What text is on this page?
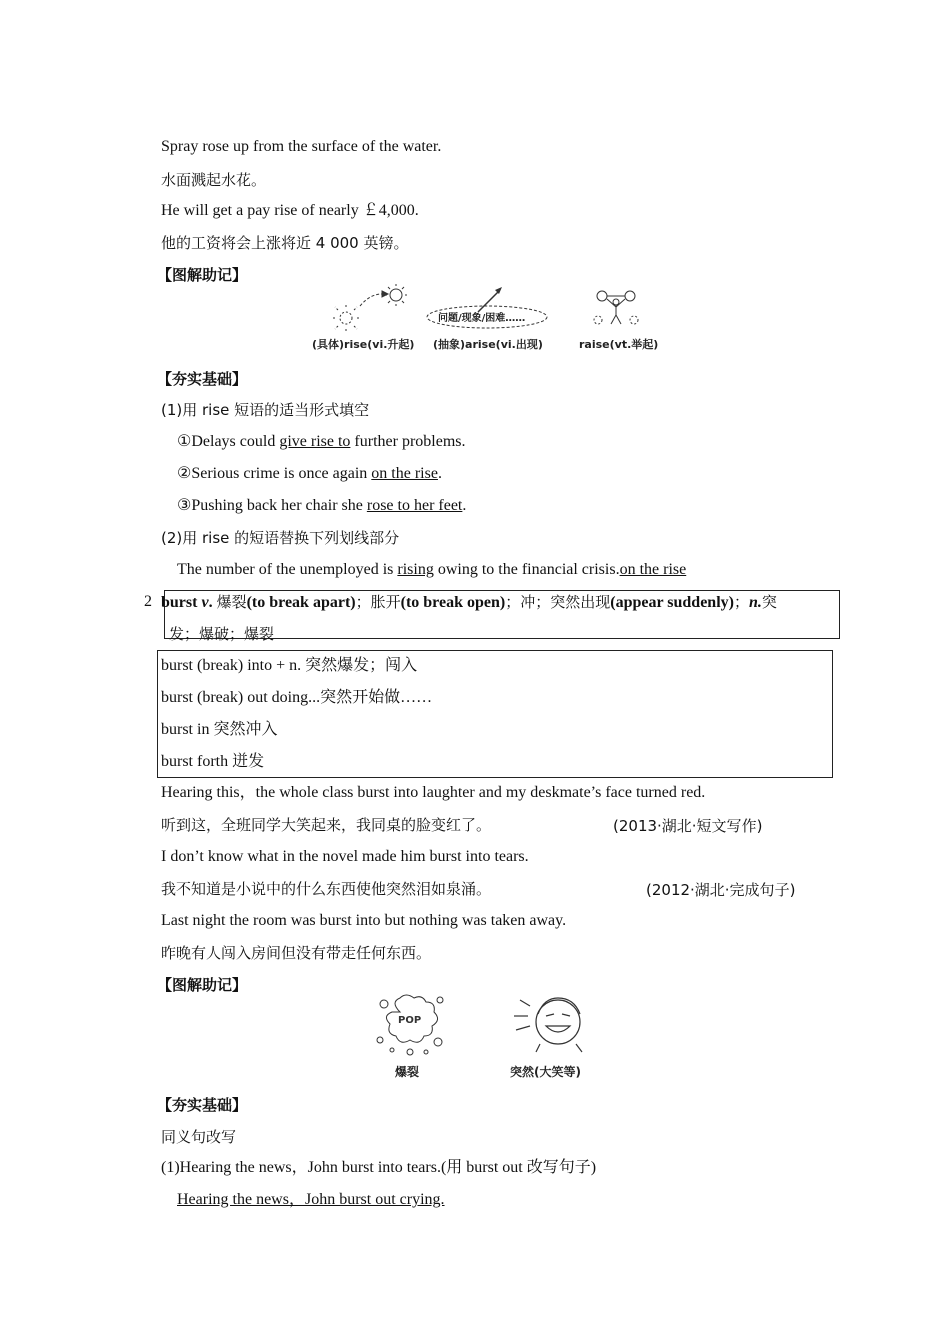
Spray rose up from the surface of the water.
水面溅起水花。
He will get a pay rise of nearly ￡4,000.
他的工资将会上涨将近 4 000 英镑。
【图解助记】
(具体)rise(vi.升起)
问题/现象/困难……
(抽象)arise(vi.出现)	raise(vt.举起)
【夯实基础】
(1)用 rise 短语的适当形式填空
①Delays could give rise to further problems.
②Serious crime is once again on the rise.
③Pushing back her chair she rose to her feet.
(2)用 rise 的短语替换下列划线部分
The number of the unemployed is rising owing to the financial crisis.on the rise
2 burst v. 爆裂(to break apart)；胀开(to break open)；冲；突然出现(appear suddenly)；n.突
发；爆破；爆裂
burst (break) into + n. 突然爆发；闯入
burst (break) out doing...突然开始做……
burst in 突然冲入
burst forth 迸发
Hearing this，the whole class burst into laughter and my deskmate’s face turned red.
听到这，全班同学大笑起来，我同桌的脸变红了。	(2013·湖北·短文写作)
I don’t know what in the novel made him burst into tears.
我不知道是小说中的什么东西使他突然泪如泉涌。	(2012·湖北·完成句子)
Last night the room was burst into but nothing was taken away.
昨晚有人闯入房间但没有带走任何东西。
【图解助记】
POP
爆裂	突然(大笑等)
【夯实基础】
同义句改写
(1)Hearing the news，John burst into tears.(用 burst out 改写句子)
Hearing the news，John burst out crying.
